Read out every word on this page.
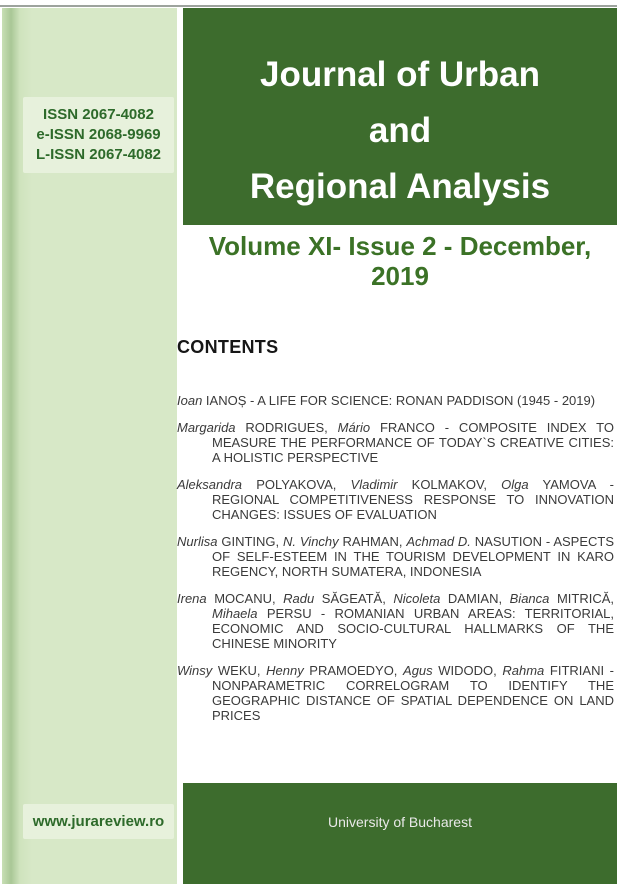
ISSN 2067-4082
e-ISSN 2068-9969
L-ISSN 2067-4082
www.jurareview.ro
Journal of Urban
and
Regional Analysis
Volume XI- Issue 2 - December, 2019
CONTENTS
Ioan IANOȘ - A LIFE FOR SCIENCE: RONAN PADDISON (1945 - 2019)
Margarida RODRIGUES, Mário FRANCO - COMPOSITE INDEX TO MEASURE THE PERFORMANCE OF TODAY`S CREATIVE CITIES: A HOLISTIC PERSPECTIVE
Aleksandra POLYAKOVA, Vladimir KOLMAKOV, Olga YAMOVA - REGIONAL COMPETITIVENESS RESPONSE TO INNOVATION CHANGES: ISSUES OF EVALUATION
Nurlisa GINTING, N. Vinchy RAHMAN, Achmad D. NASUTION - ASPECTS OF SELF-ESTEEM IN THE TOURISM DEVELOPMENT IN KARO REGENCY, NORTH SUMATERA, INDONESIA
Irena MOCANU, Radu SĂGEATĂ, Nicoleta DAMIAN, Bianca MITRICĂ, Mihaela PERSU - ROMANIAN URBAN AREAS: TERRITORIAL, ECONOMIC AND SOCIO-CULTURAL HALLMARKS OF THE CHINESE MINORITY
Winsy WEKU, Henny PRAMOEDYO, Agus WIDODO, Rahma FITRIANI - NONPARAMETRIC CORRELOGRAM TO IDENTIFY THE GEOGRAPHIC DISTANCE OF SPATIAL DEPENDENCE ON LAND PRICES
University of Bucharest
